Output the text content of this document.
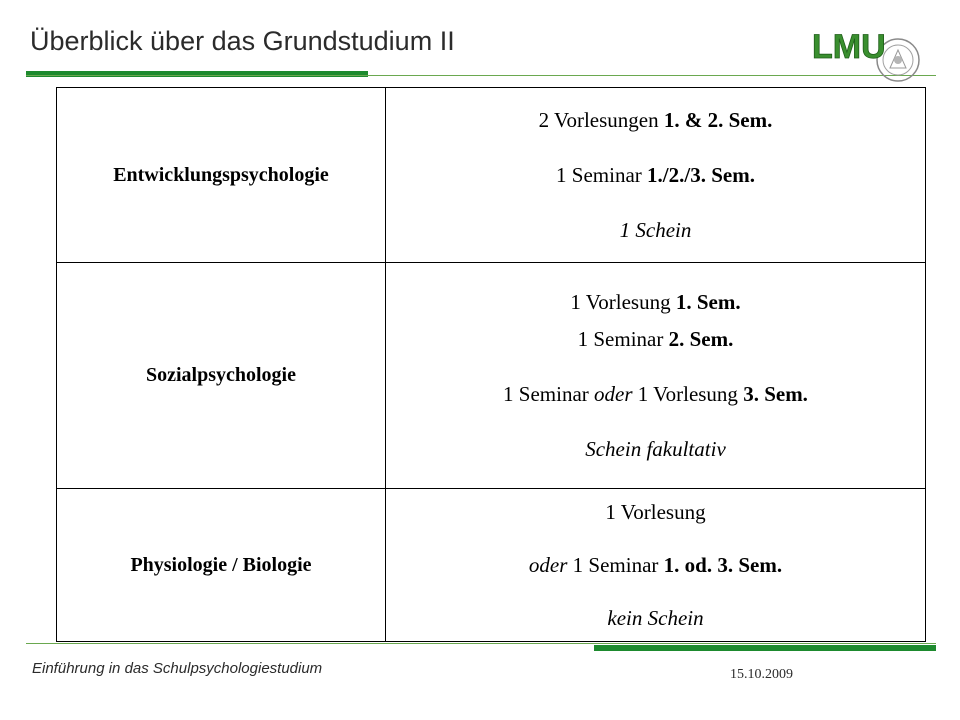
Überblick über das Grundstudium II	LMU
Entwicklungspsychologie	2 Vorlesungen 1. & 2. Sem.
1 Seminar 1./2./3. Sem.
1 Schein

Sozialpsychologie	1 Vorlesung 1. Sem.
1 Seminar 2. Sem.
1 Seminar oder 1 Vorlesung 3. Sem.
Schein fakultativ

Physiologie / Biologie	1 Vorlesung
oder 1 Seminar 1. od. 3. Sem.
kein Schein
Einführung in das Schulpsychologiestudium	15.10.2009
